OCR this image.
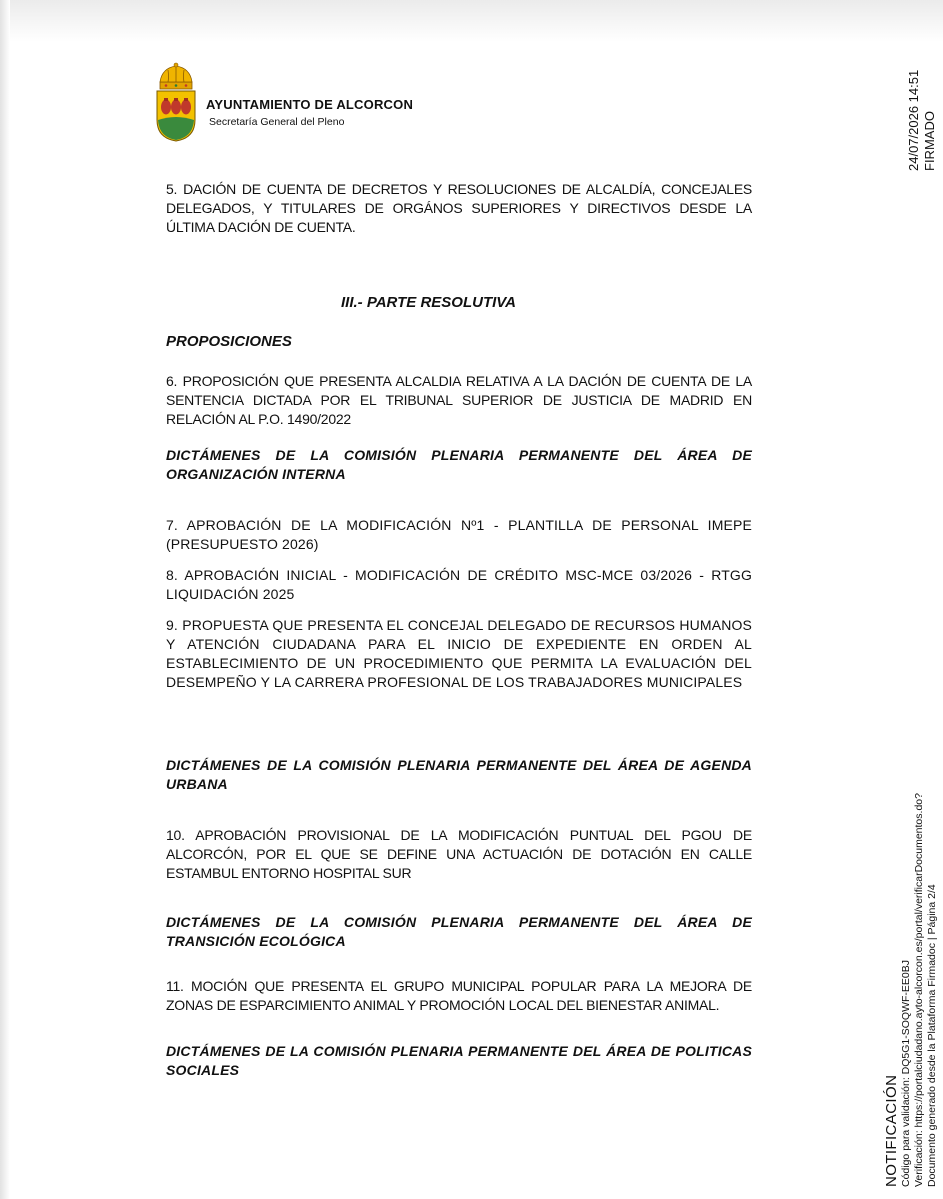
AYUNTAMIENTO DE ALCORCON
Secretaría General del Pleno	24/07/2026 14:51 FIRMADO
NOTIFICACIÓN Código para validación: DQ5G1-SOQWF-EE0BJ Verificación: https://portalciudadano.ayto-alcorcon.es/portal/verificarDocumentos.do? Documento generado desde la Plataforma Firmadoc | Página 2/4

5. DACIÓN DE CUENTA DE DECRETOS Y RESOLUCIONES DE ALCALDÍA, CONCEJALES DELEGADOS, Y TITULARES DE ORGÁNOS SUPERIORES Y DIRECTIVOS DESDE LA ÚLTIMA DACIÓN DE CUENTA.

III.- PARTE RESOLUTIVA
PROPOSICIONES

6. PROPOSICIÓN QUE PRESENTA ALCALDIA RELATIVA A LA DACIÓN DE CUENTA DE LA SENTENCIA DICTADA POR EL TRIBUNAL SUPERIOR DE JUSTICIA DE MADRID EN RELACIÓN AL P.O. 1490/2022

DICTÁMENES DE LA COMISIÓN PLENARIA PERMANENTE DEL ÁREA DE ORGANIZACIÓN INTERNA

7. APROBACIÓN DE LA MODIFICACIÓN Nº1 - PLANTILLA DE PERSONAL IMEPE (PRESUPUESTO 2026)

8. APROBACIÓN INICIAL - MODIFICACIÓN DE CRÉDITO MSC-MCE 03/2026 - RTGG LIQUIDACIÓN 2025

9. PROPUESTA QUE PRESENTA EL CONCEJAL DELEGADO DE RECURSOS HUMANOS Y ATENCIÓN CIUDADANA PARA EL INICIO DE EXPEDIENTE EN ORDEN AL ESTABLECIMIENTO DE UN PROCEDIMIENTO QUE PERMITA LA EVALUACIÓN DEL DESEMPEÑO Y LA CARRERA PROFESIONAL DE LOS TRABAJADORES MUNICIPALES

DICTÁMENES DE LA COMISIÓN PLENARIA PERMANENTE DEL ÁREA DE AGENDA URBANA

10. APROBACIÓN PROVISIONAL DE LA MODIFICACIÓN PUNTUAL DEL PGOU DE ALCORCÓN, POR EL QUE SE DEFINE UNA ACTUACIÓN DE DOTACIÓN EN CALLE ESTAMBUL ENTORNO HOSPITAL SUR

DICTÁMENES DE LA COMISIÓN PLENARIA PERMANENTE DEL ÁREA DE TRANSICIÓN ECOLÓGICA

11. MOCIÓN QUE PRESENTA EL GRUPO MUNICIPAL POPULAR PARA LA MEJORA DE ZONAS DE ESPARCIMIENTO ANIMAL Y PROMOCIÓN LOCAL DEL BIENESTAR ANIMAL.

DICTÁMENES DE LA COMISIÓN PLENARIA PERMANENTE DEL ÁREA DE POLITICAS SOCIALES
